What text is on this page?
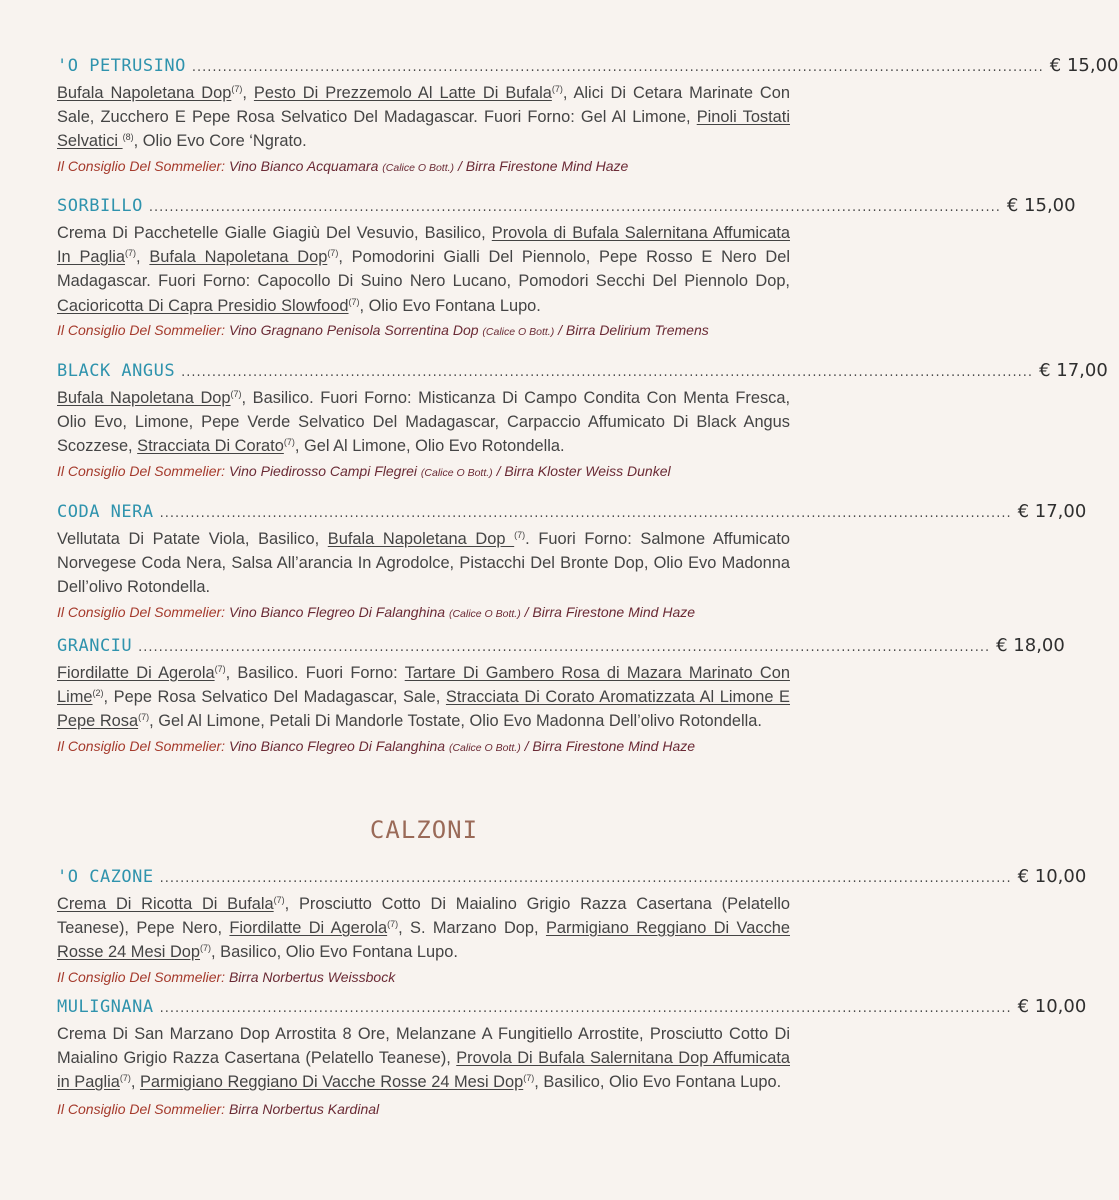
'O PETRUSINO ...................................................................................................................................................................... € 15,00

Bufala Napoletana Dop$^{(7)}$, Pesto Di Prezzemolo Al Latte Di Bufala$^{(7)}$, Alici Di Cetara Marinate Con Sale, Zucchero E Pepe Rosa Selvatico Del Madagascar. Fuori Forno: Gel Al Limone, Pinoli Tostati Selvatici $^{(8)}$, Olio Evo Core ‘Ngrato.

Il Consiglio Del Sommelier: Vino Bianco Acquamara (Calice O Bott.) / Birra Firestone Mind Haze
SORBILLO ...................................................................................................................................................................... € 15,00

Crema Di Pacchetelle Gialle Giagiù Del Vesuvio, Basilico, Provola di Bufala Salernitana Affumicata In Paglia$^{(7)}$, Bufala Napoletana Dop$^{(7)}$, Pomodorini Gialli Del Piennolo, Pepe Rosso E Nero Del Madagascar. Fuori Forno: Capocollo Di Suino Nero Lucano, Pomodori Secchi Del Piennolo Dop, Cacioricotta Di Capra Presidio Slowfood$^{(7)}$, Olio Evo Fontana Lupo.

Il Consiglio Del Sommelier: Vino Gragnano Penisola Sorrentina Dop (Calice O Bott.) / Birra Delirium Tremens
BLACK ANGUS ...................................................................................................................................................................... € 17,00

Bufala Napoletana Dop$^{(7)}$, Basilico. Fuori Forno: Misticanza Di Campo Condita Con Menta Fresca, Olio Evo, Limone, Pepe Verde Selvatico Del Madagascar, Carpaccio Affumicato Di Black Angus Scozzese, Stracciata Di Corato$^{(7)}$, Gel Al Limone, Olio Evo Rotondella.

Il Consiglio Del Sommelier: Vino Piedirosso Campi Flegrei (Calice O Bott.) / Birra Kloster Weiss Dunkel
CODA NERA ...................................................................................................................................................................... € 17,00

Vellutata Di Patate Viola, Basilico, Bufala Napoletana Dop $^{(7)}$. Fuori Forno: Salmone Affumicato Norvegese Coda Nera, Salsa All’arancia In Agrodolce, Pistacchi Del Bronte Dop, Olio Evo Madonna Dell’olivo Rotondella.

Il Consiglio Del Sommelier: Vino Bianco Flegreo Di Falanghina (Calice O Bott.) / Birra Firestone Mind Haze
GRANCIU ...................................................................................................................................................................... € 18,00

Fiordilatte Di Agerola$^{(7)}$, Basilico. Fuori Forno: Tartare Di Gambero Rosa di Mazara Marinato Con Lime$^{(2)}$, Pepe Rosa Selvatico Del Madagascar, Sale, Stracciata Di Corato Aromatizzata Al Limone E Pepe Rosa$^{(7)}$, Gel Al Limone, Petali Di Mandorle Tostate, Olio Evo Madonna Dell’olivo Rotondella.

Il Consiglio Del Sommelier: Vino Bianco Flegreo Di Falanghina (Calice O Bott.) / Birra Firestone Mind Haze
CALZONI
'O CAZONE ...................................................................................................................................................................... € 10,00

Crema Di Ricotta Di Bufala$^{(7)}$, Prosciutto Cotto Di Maialino Grigio Razza Casertana (Pelatello Teanese), Pepe Nero, Fiordilatte Di Agerola$^{(7)}$, S. Marzano Dop, Parmigiano Reggiano Di Vacche Rosse 24 Mesi Dop$^{(7)}$, Basilico, Olio Evo Fontana Lupo.

Il Consiglio Del Sommelier: Birra Norbertus Weissbock
MULIGNANA ...................................................................................................................................................................... € 10,00

Crema Di San Marzano Dop Arrostita 8 Ore, Melanzane A Fungitiello Arrostite, Prosciutto Cotto Di Maialino Grigio Razza Casertana (Pelatello Teanese), Provola Di Bufala Salernitana Dop Affumicata in Paglia$^{(7)}$, Parmigiano Reggiano Di Vacche Rosse 24 Mesi Dop$^{(7)}$, Basilico, Olio Evo Fontana Lupo.

Il Consiglio Del Sommelier: Birra Norbertus Kardinal
